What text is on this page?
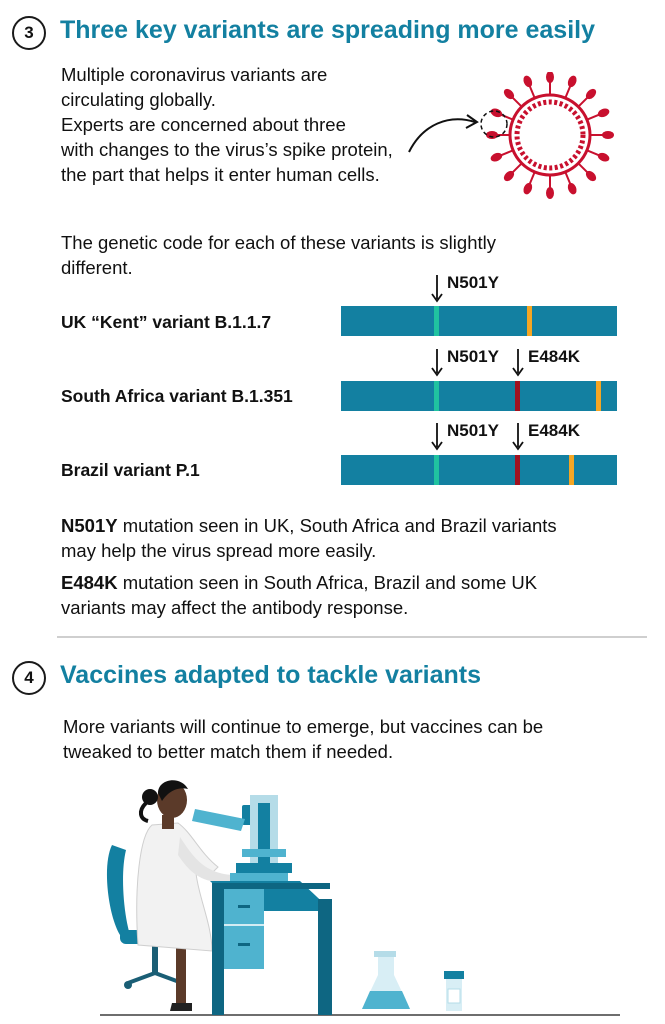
3	Three key variants are spreading more easily
Multiple coronavirus variants are
circulating globally.
Experts are concerned about three
with changes to the virus’s spike protein,
the part that helps it enter human cells.
The genetic code for each of these variants is slightly
different.
UK “Kent” variant B.1.1.7
South Africa variant B.1.351
Brazil variant P.1
N501Y
N501Y E484K
N501Y E484K
N501Y mutation seen in UK, South Africa and Brazil variants
may help the virus spread more easily.
E484K mutation seen in South Africa, Brazil and some UK
variants may affect the antibody response.
4	Vaccines adapted to tackle variants
More variants will continue to emerge, but vaccines can be
tweaked to better match them if needed.
